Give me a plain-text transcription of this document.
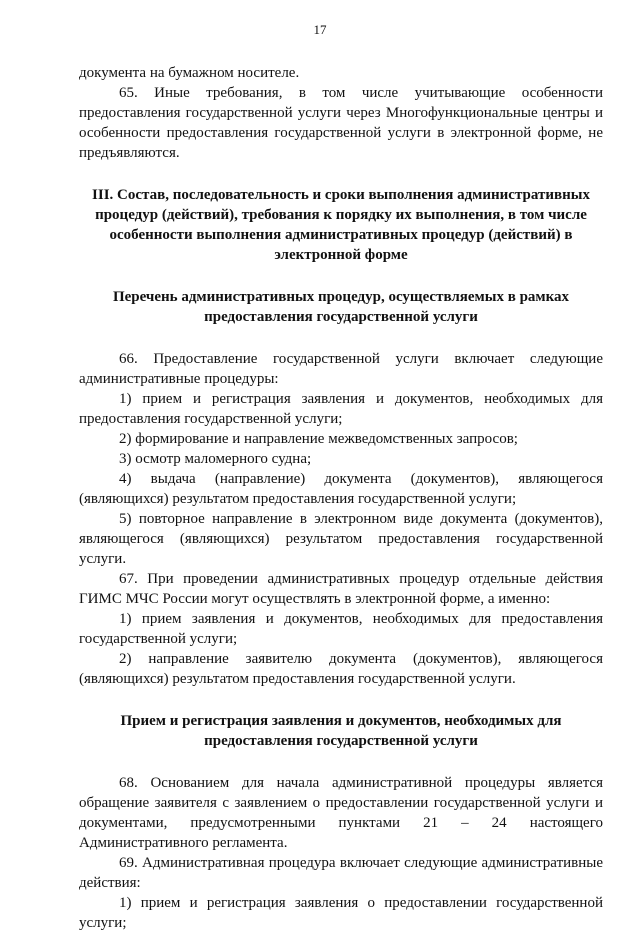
17

документа на бумажном носителе.

65. Иные требования, в том числе учитывающие особенности предоставления государственной услуги через Многофункциональные центры и особенности предоставления государственной услуги в электронной форме, не предъявляются.

III. Состав, последовательность и сроки выполнения административных процедур (действий), требования к порядку их выполнения, в том числе особенности выполнения административных процедур (действий) в электронной форме

Перечень административных процедур, осуществляемых в рамках предоставления государственной услуги

66. Предоставление государственной услуги включает следующие административные процедуры:

1) прием и регистрация заявления и документов, необходимых для предоставления государственной услуги;

2) формирование и направление межведомственных запросов;

3) осмотр маломерного судна;

4) выдача (направление) документа (документов), являющегося (являющихся) результатом предоставления государственной услуги;

5) повторное направление в электронном виде документа (документов), являющегося (являющихся) результатом предоставления государственной услуги.

67. При проведении административных процедур отдельные действия ГИМС МЧС России могут осуществлять в электронной форме, а именно:

1) прием заявления и документов, необходимых для предоставления государственной услуги;

2) направление заявителю документа (документов), являющегося (являющихся) результатом предоставления государственной услуги.

Прием и регистрация заявления и документов, необходимых для предоставления государственной услуги

68. Основанием для начала административной процедуры является обращение заявителя с заявлением о предоставлении государственной услуги и документами, предусмотренными пунктами 21 – 24 настоящего Административного регламента.

69. Административная процедура включает следующие административные действия:

1) прием и регистрация заявления о предоставлении государственной услуги;
